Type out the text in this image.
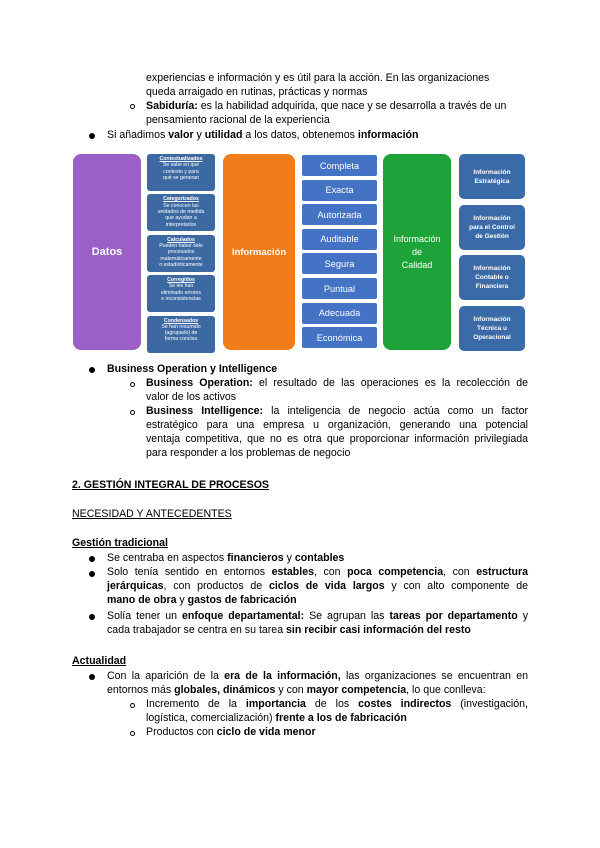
experiencias e información y es útil para la acción. En las organizaciones
queda arraigado en rutinas, prácticas y normas
Sabiduría: es la habilidad adquirida, que nace y se desarrolla a través de un
pensamiento racional de la experiencia
Si añadimos valor y utilidad a los datos, obtenemos información
Datos
Contextualizados
Se sabe en qué
contexto y para
qué se generan
Categorizados
Se conocen las
unidades de medida
que ayudan a
interpretarlos
Calculados
Pueden haber sido
procesados
matemáticamente
o estadísticamente
Corregidos
Se les han
eliminado errores
e inconsistencias
Condensados
Se han resumido
(agrupado) de
forma concisa
Información
Completa
Exacta
Autorizada
Auditable
Segura
Puntual
Adecuada
Económica
Información
de
Calidad
Información
Estratégica
Información
para el Control
de Gestión
Información
Contable o
Financiera
Información
Técnica u
Operacional
Business Operation y Intelligence
Business Operation: el resultado de las operaciones es la recolección de
valor de los activos
Business Intelligence: la inteligencia de negocio actúa como un factor
estratégico para una empresa u organización, generando una potencial
ventaja competitiva, que no es otra que proporcionar información privilegiada
para responder a los problemas de negocio
2. GESTIÓN INTEGRAL DE PROCESOS
NECESIDAD Y ANTECEDENTES
Gestión tradicional
Se centraba en aspectos financieros y contables
Solo tenía sentido en entornos estables, con poca competencia, con estructura
jerárquicas, con productos de ciclos de vida largos y con alto componente de
mano de obra y gastos de fabricación
Solía tener un enfoque departamental: Se agrupan las tareas por departamento y
cada trabajador se centra en su tarea sin recibir casi información del resto
Actualidad
Con la aparición de la era de la información, las organizaciones se encuentran en
entornos más globales, dinámicos y con mayor competencia, lo que conlleva:
Incremento de la importancia de los costes indirectos (investigación,
logística, comercialización) frente a los de fabricación
Productos con ciclo de vida menor
